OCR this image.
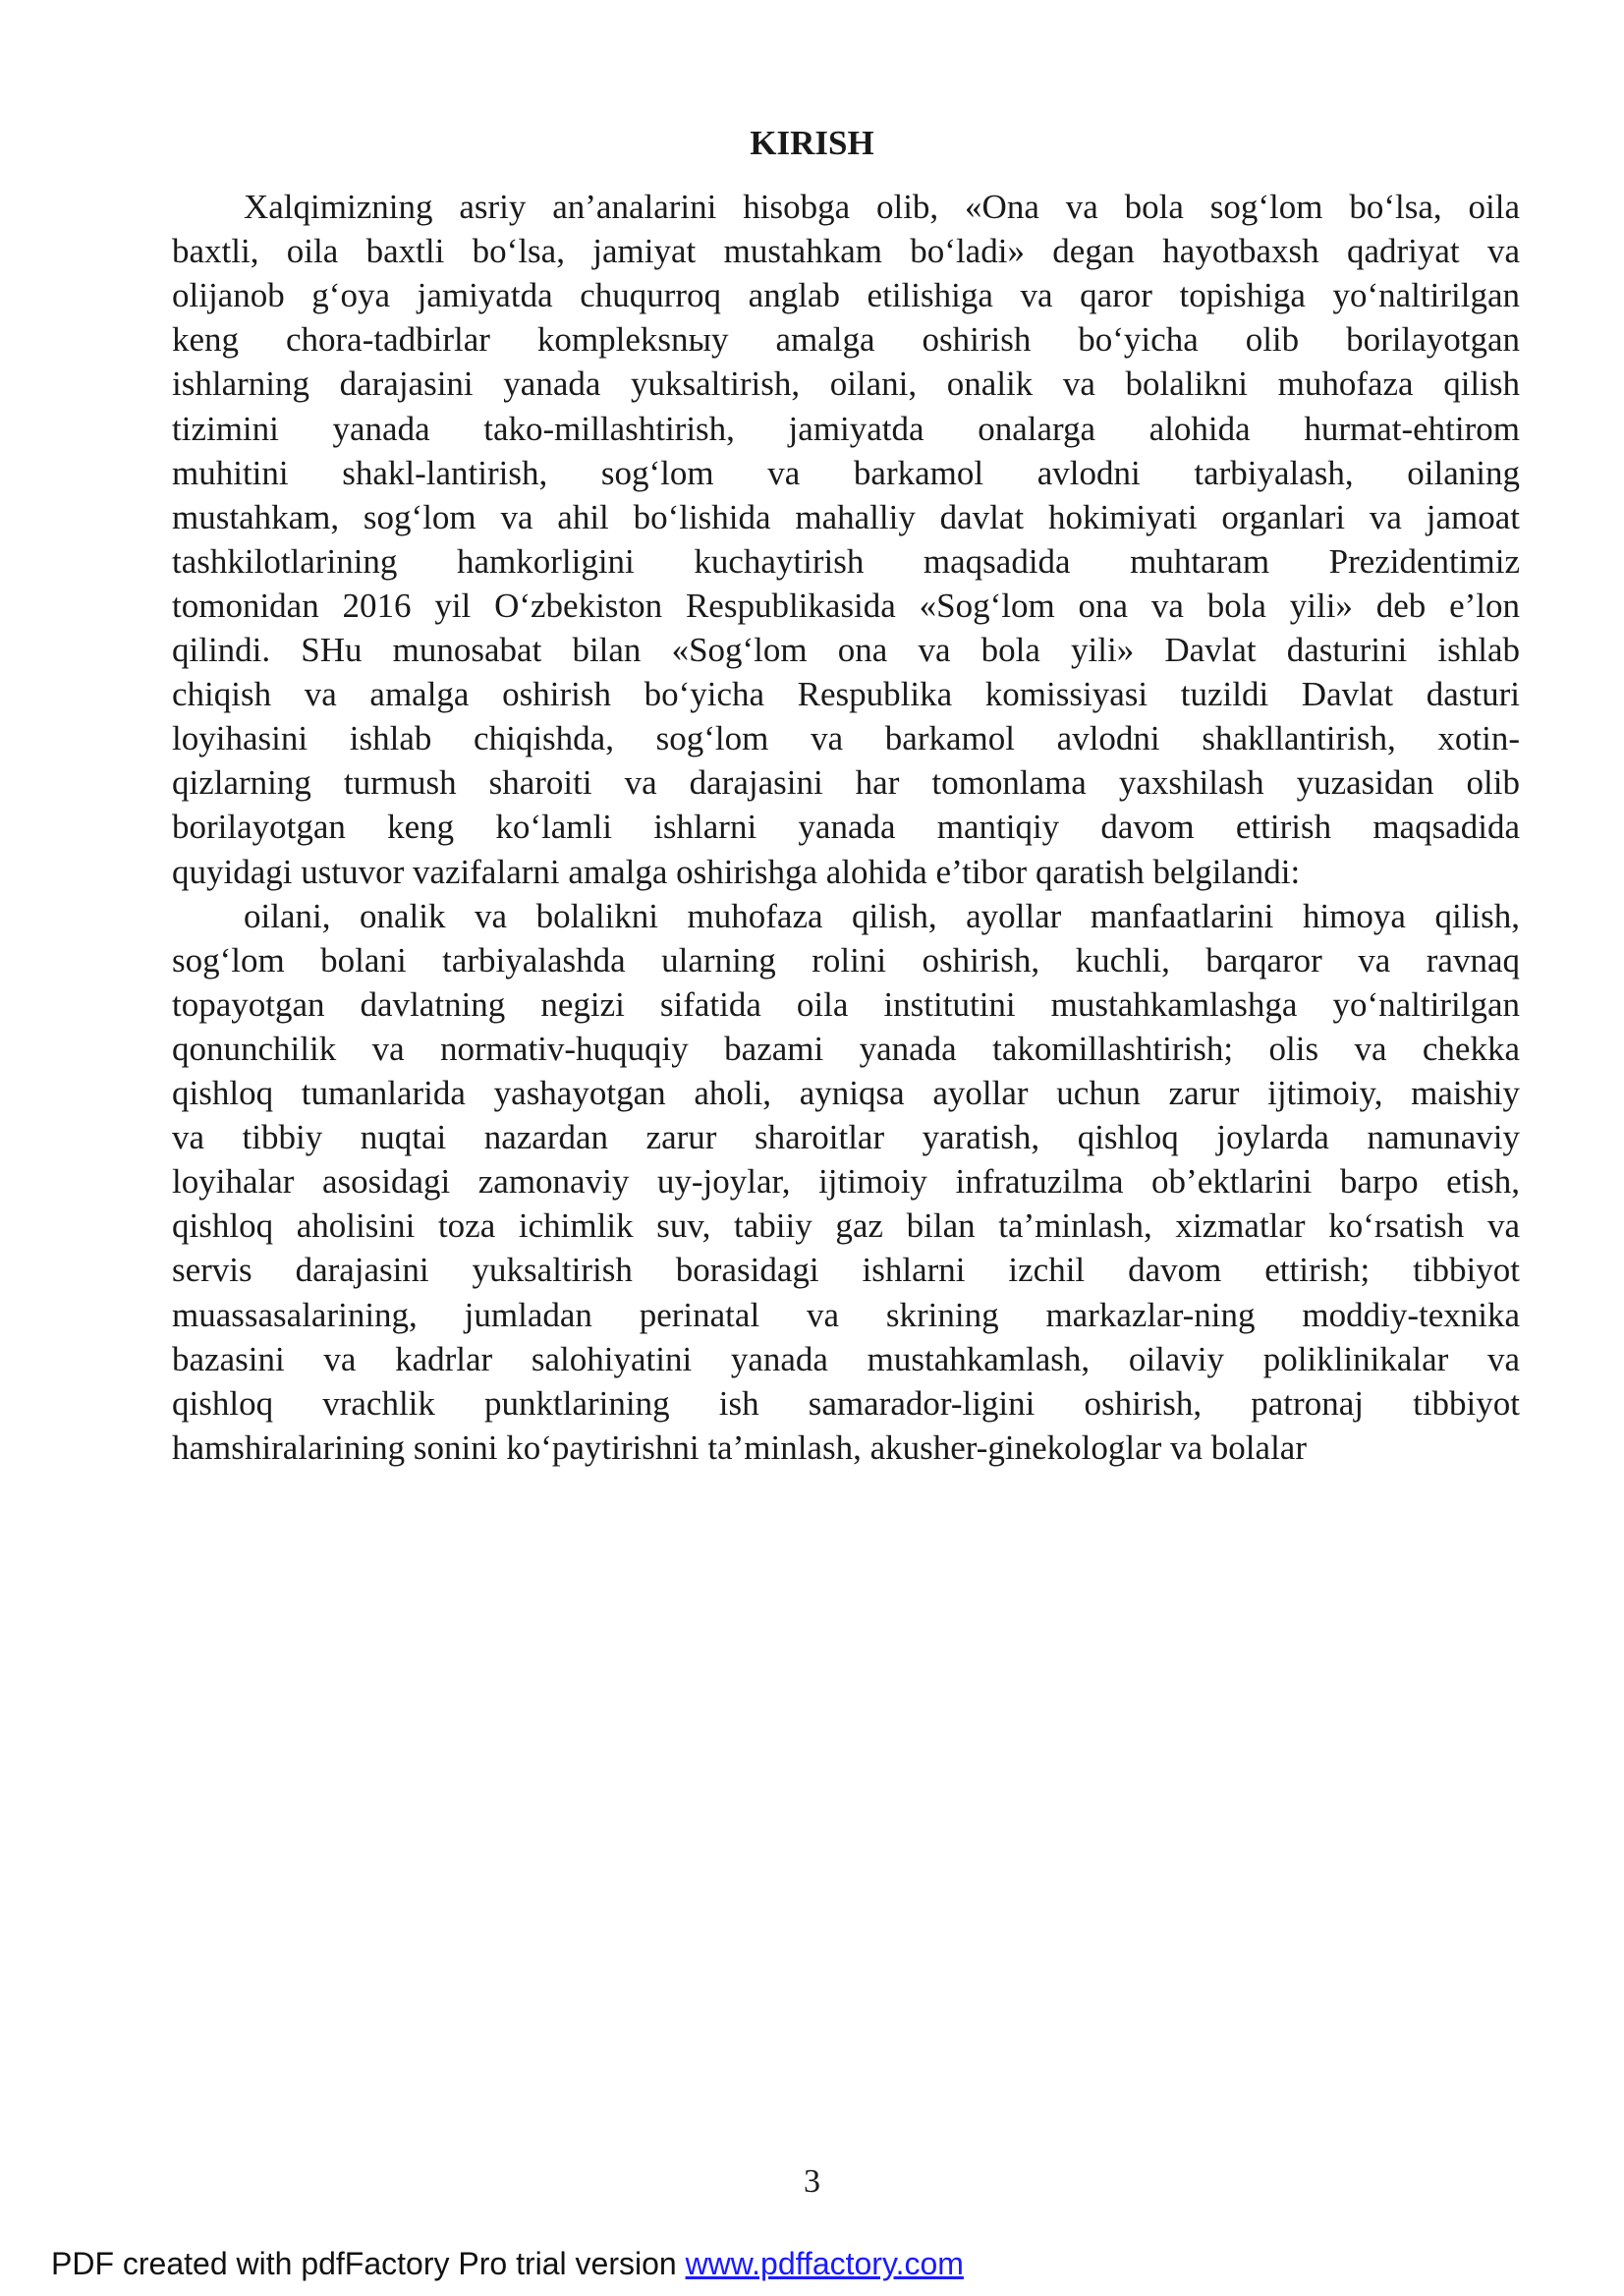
KIRISH
Xalqimizning asriy an’analarini hisobga olib, «Ona va bola sog‘lom bo‘lsa, oila
baxtli, oila baxtli bo‘lsa, jamiyat mustahkam bo‘ladi» degan hayotbaxsh qadriyat va
olijanob g‘oya jamiyatda chuqurroq anglab etilishiga va qaror topishiga yo‘naltirilgan
keng chora-tadbirlar kompleksnыy amalga oshirish bo‘yicha olib borilayotgan
ishlarning darajasini yanada yuksaltirish, oilani, onalik va bolalikni muhofaza qilish
tizimini yanada tako-millashtirish, jamiyatda onalarga alohida hurmat-ehtirom
muhitini shakl-lantirish, sog‘lom va barkamol avlodni tarbiyalash, oilaning
mustahkam, sog‘lom va ahil bo‘lishida mahalliy davlat hokimiyati organlari va jamoat
tashkilotlarining hamkorligini kuchaytirish maqsadida muhtaram Prezidentimiz
tomonidan 2016 yil O‘zbekiston Respublikasida «Sog‘lom ona va bola yili» deb e’lon
qilindi. SHu munosabat bilan «Sog‘lom ona va bola yili» Davlat dasturini ishlab
chiqish va amalga oshirish bo‘yicha Respublika komissiyasi tuzildi Davlat dasturi
loyihasini ishlab chiqishda, sog‘lom va barkamol avlodni shakllantirish, xotin-
qizlarning turmush sharoiti va darajasini har tomonlama yaxshilash yuzasidan olib
borilayotgan keng ko‘lamli ishlarni yanada mantiqiy davom ettirish maqsadida
quyidagi ustuvor vazifalarni amalga oshirishga alohida e’tibor qaratish belgilandi:
oilani, onalik va bolalikni muhofaza qilish, ayollar manfaatlarini himoya qilish,
sog‘lom bolani tarbiyalashda ularning rolini oshirish, kuchli, barqaror va ravnaq
topayotgan davlatning negizi sifatida oila institutini mustahkamlashga yo‘naltirilgan
qonunchilik va normativ-huquqiy bazami yanada takomillashtirish; olis va chekka
qishloq tumanlarida yashayotgan aholi, ayniqsa ayollar uchun zarur ijtimoiy, maishiy
va tibbiy nuqtai nazardan zarur sharoitlar yaratish, qishloq joylarda namunaviy
loyihalar asosidagi zamonaviy uy-joylar, ijtimoiy infratuzilma ob’ektlarini barpo etish,
qishloq aholisini toza ichimlik suv, tabiiy gaz bilan ta’minlash, xizmatlar ko‘rsatish va
servis darajasini yuksaltirish borasidagi ishlarni izchil davom ettirish; tibbiyot
muassasalarining, jumladan perinatal va skrining markazlar-ning moddiy-texnika
bazasini va kadrlar salohiyatini yanada mustahkamlash, oilaviy poliklinikalar va
qishloq vrachlik punktlarining ish samarador-ligini oshirish, patronaj tibbiyot
hamshiralarining sonini ko‘paytirishni ta’minlash, akusher-ginekologlar va bolalar
3
PDF created with pdfFactory Pro trial version www.pdffactory.com
